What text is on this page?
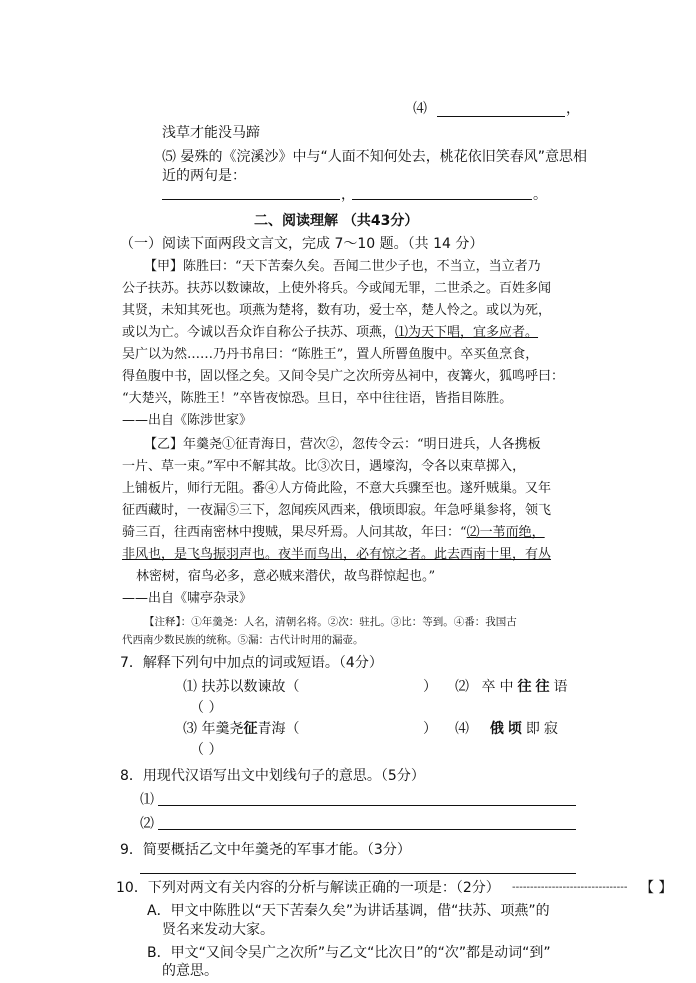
⑷	，
浅草才能没马蹄
⑸ 晏殊的《浣溪沙》中与“人面不知何处去，桃花依旧笑春风”意思相
近的两句是：
，	。
二、阅读理解 （共43分）
（一）阅读下面两段文言文，完成 7～10 题。（共 14 分）
【甲】陈胜曰：“天下苦秦久矣。吾闻二世少子也，不当立，当立者乃
公子扶苏。扶苏以数谏故，上使外将兵。今或闻无罪，二世杀之。百姓多闻
其贤，未知其死也。项燕为楚将，数有功，爱士卒，楚人怜之。或以为死，
或以为亡。今诚以吾众诈自称公子扶苏、项燕，⑴为天下唱，宜多应者。
吴广以为然……乃丹书帛曰：“陈胜王”，置人所罾鱼腹中。卒买鱼烹食，
得鱼腹中书，固以怪之矣。又间令吴广之次所旁丛祠中，夜篝火，狐鸣呼曰：
“大楚兴，陈胜王！”卒皆夜惊恐。旦日，卒中往往语，皆指目陈胜。
——出自《陈涉世家》
【乙】年羹尧①征青海日，营次②，忽传令云：“明日进兵，人各携板
一片、草一束。”军中不解其故。比③次日，遇壕沟，令各以束草掷入，
上铺板片，师行无阻。番④人方倚此险，不意大兵骤至也。遂歼贼巢。又年
征西藏时，一夜漏⑤三下，忽闻疾风西来，俄顷即寂。年急呼巢参将，领飞
骑三百，往西南密林中搜贼，果尽歼焉。人问其故，年曰：“⑵一苇而绝，
非风也，是飞鸟振羽声也。夜半而鸟出，必有惊之者。此去西南十里，有丛
林密树，宿鸟必多，意必贼来潜伏，故鸟群惊起也。”
——出自《啸亭杂录》
【注释】：①年羹尧：人名，清朝名将。②次：驻扎。③比：等到。④番：我国古
代西南少数民族的统称。⑤漏：古代计时用的漏壶。
7．解释下列句中加点的词或短语。（4分）
⑴ 扶苏以数谏故（	） ⑵ 卒中往往语
（ ）
⑶ 年羹尧征青海（	） ⑷ 俄顷即寂
（ ）
8．用现代汉语写出文中划线句子的意思。（5分）
⑴
⑵
9．简要概括乙文中年羹尧的军事才能。（3分）
10．下列对两文有关内容的分析与解读正确的一项是：（2分） -------------------------------- 【 】
A．甲文中陈胜以“天下苦秦久矣”为讲话基调，借“扶苏、项燕”的
贤名来发动大家。
B．甲文“又间令吴广之次所”与乙文“比次日”的“次”都是动词“到”
的意思。
